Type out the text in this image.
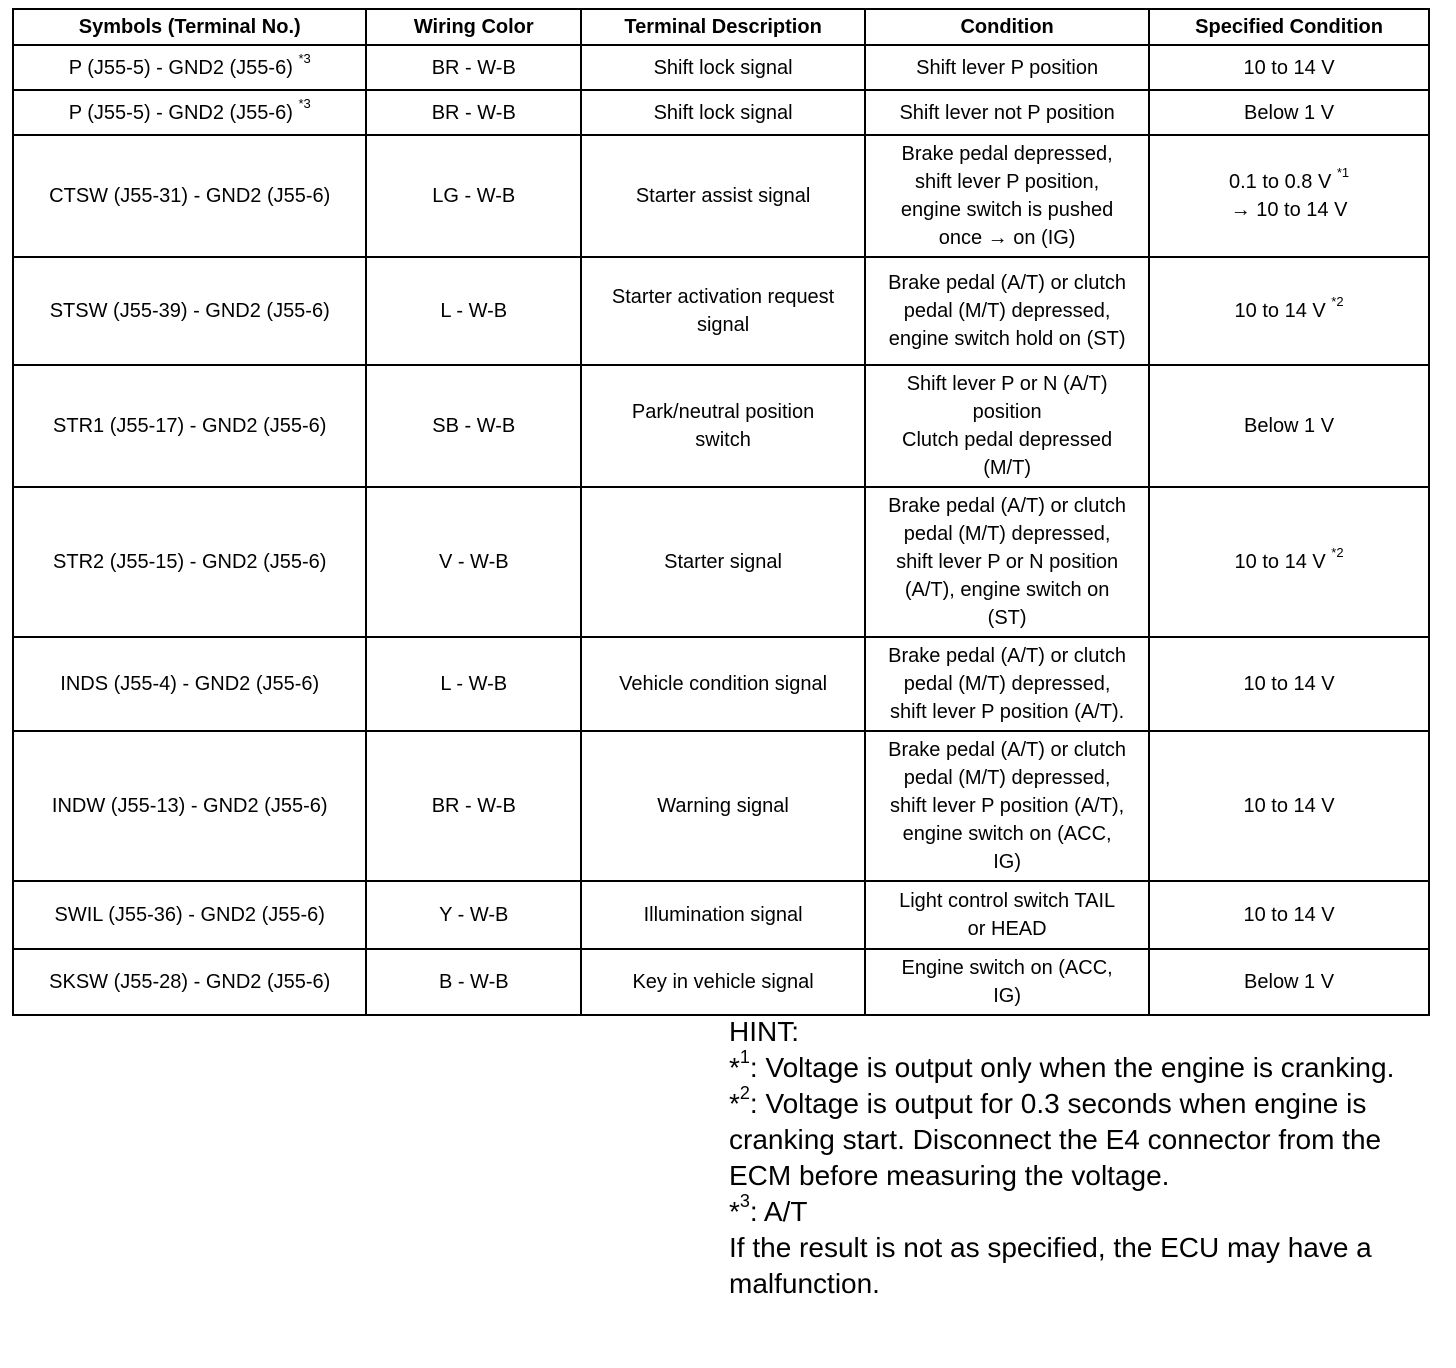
Symbols (Terminal No.)	Wiring Color	Terminal Description	Condition	Specified Condition
P (J55-5) - GND2 (J55-6) $^{*3}$	BR - W-B	Shift lock signal	Shift lever P position	10 to 14 V

P (J55-5) - GND2 (J55-6) $^{*3}$	BR - W-B	Shift lock signal	Shift lever not P position	Below 1 V

CTSW (J55-31) - GND2 (J55-6)	LG - W-B	Starter assist signal	Brake pedal depressed,
shift lever P position,
engine switch is pushed
once → on (IG)	0.1 to 0.8 V $^{*1}$
→ 10 to 14 V

STSW (J55-39) - GND2 (J55-6)	L - W-B	Starter activation request
signal	Brake pedal (A/T) or clutch
pedal (M/T) depressed,
engine switch hold on (ST)	10 to 14 V $^{*2}$

STR1 (J55-17) - GND2 (J55-6)	SB - W-B	Park/neutral position
switch	Shift lever P or N (A/T)
position
Clutch pedal depressed
(M/T)	Below 1 V

STR2 (J55-15) - GND2 (J55-6)	V - W-B	Starter signal	Brake pedal (A/T) or clutch
pedal (M/T) depressed,
shift lever P or N position
(A/T), engine switch on
(ST)	10 to 14 V $^{*2}$

INDS (J55-4) - GND2 (J55-6)	L - W-B	Vehicle condition signal	Brake pedal (A/T) or clutch
pedal (M/T) depressed,
shift lever P position (A/T).	10 to 14 V

INDW (J55-13) - GND2 (J55-6)	BR - W-B	Warning signal	Brake pedal (A/T) or clutch
pedal (M/T) depressed,
shift lever P position (A/T),
engine switch on (ACC,
IG)	10 to 14 V

SWIL (J55-36) - GND2 (J55-6)	Y - W-B	Illumination signal	Light control switch TAIL
or HEAD	10 to 14 V

SKSW (J55-28) - GND2 (J55-6)	B - W-B	Key in vehicle signal	Engine switch on (ACC,
IG)	Below 1 V

HINT:

*$^1$: Voltage is output only when the engine is cranking.

*$^2$: Voltage is output for 0.3 seconds when engine is cranking start. Disconnect the E4 connector from the ECM before measuring the voltage.

*$^3$: A/T

If the result is not as specified, the ECU may have a malfunction.
